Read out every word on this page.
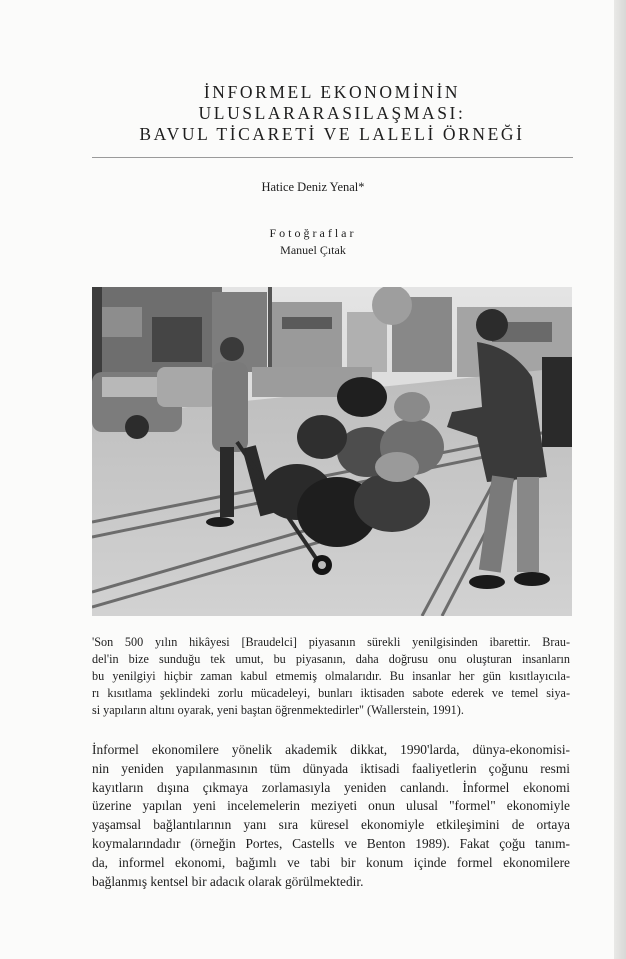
İNFORMEL EKONOMİNİN
ULUSLARARASILAŞMASI:
BAVUL TİCARETİ VE LALELİ ÖRNEĞİ
Hatice Deniz Yenal*
Fotoğraflar
Manuel Çıtak
'Son 500 yılın hikâyesi [Braudelci] piyasanın sürekli yenilgisinden ibarettir. Brau-
del'in bize sunduğu tek umut, bu piyasanın, daha doğrusu onu oluşturan insanların
bu yenilgiyi hiçbir zaman kabul etmemiş olmalarıdır. Bu insanlar her gün kısıtlayıcıla-
rı kısıtlama şeklindeki zorlu mücadeleyi, bunları iktisaden sabote ederek ve temel siya-
si yapıların altını oyarak, yeni baştan öğrenmektedirler" (Wallerstein, 1991).
İnformel ekonomilere yönelik akademik dikkat, 1990'larda, dünya-ekonomisi-
nin yeniden yapılanmasının tüm dünyada iktisadi faaliyetlerin çoğunu resmi
kayıtların dışına çıkmaya zorlamasıyla yeniden canlandı. İnformel ekonomi
üzerine yapılan yeni incelemelerin meziyeti onun ulusal "formel" ekonomiyle
yaşamsal bağlantılarının yanı sıra küresel ekonomiyle etkileşimini de ortaya
koymalarındadır (örneğin Portes, Castells ve Benton 1989). Fakat çoğu tanım-
da, informel ekonomi, bağımlı ve tabi bir konum içinde formel ekonomilere
bağlanmış kentsel bir adacık olarak görülmektedir.
